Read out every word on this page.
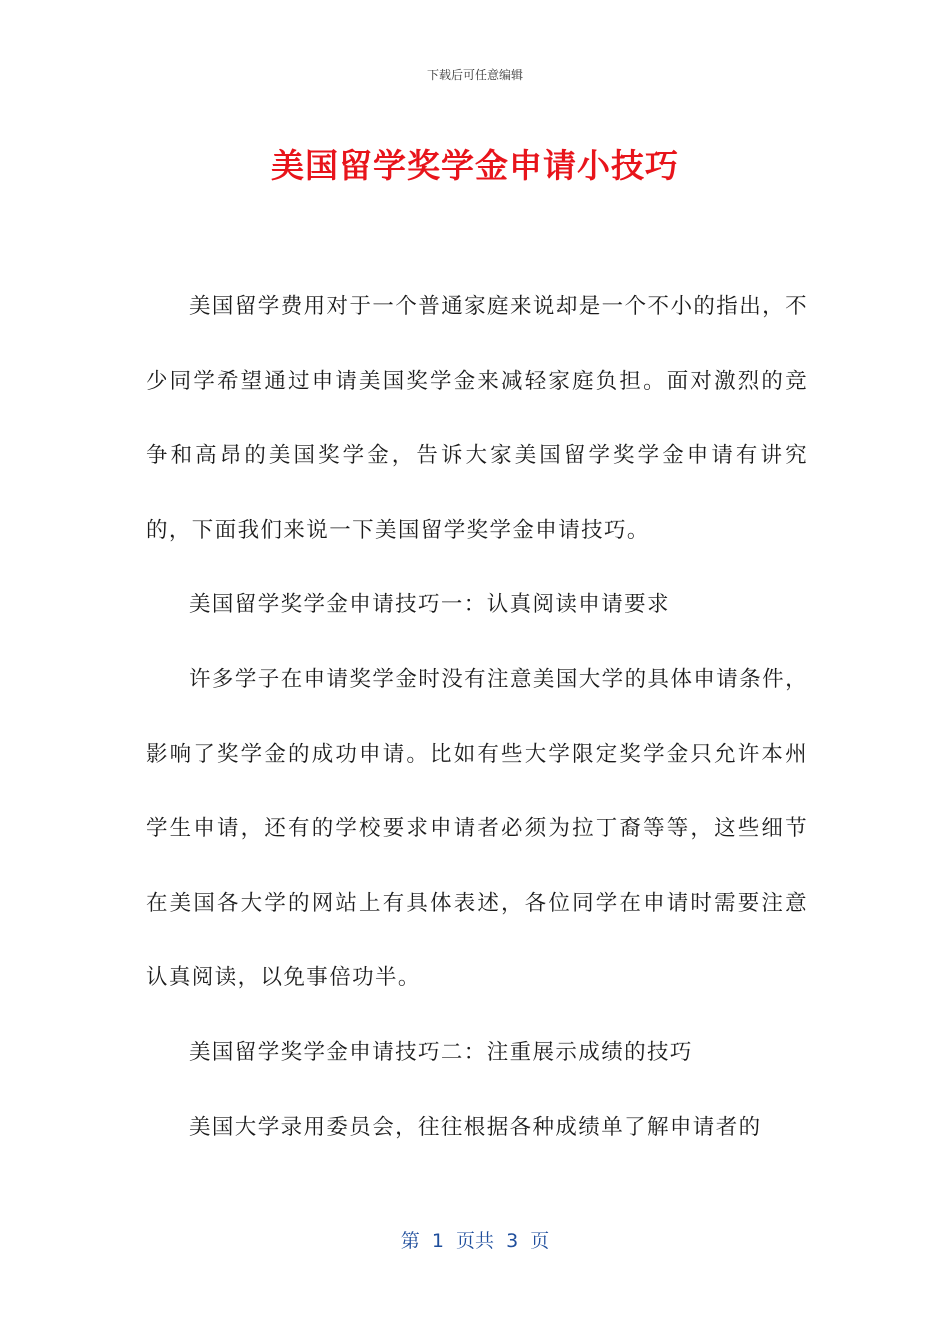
下载后可任意编辑
美国留学奖学金申请小技巧

美国留学费用对于一个普通家庭来说却是一个不小的指出，不少同学希望通过申请美国奖学金来减轻家庭负担。面对激烈的竞争和高昂的美国奖学金，告诉大家美国留学奖学金申请有讲究的，下面我们来说一下美国留学奖学金申请技巧。

美国留学奖学金申请技巧一：认真阅读申请要求

许多学子在申请奖学金时没有注意美国大学的具体申请条件，影响了奖学金的成功申请。比如有些大学限定奖学金只允许本州学生申请，还有的学校要求申请者必须为拉丁裔等等，这些细节在美国各大学的网站上有具体表述，各位同学在申请时需要注意认真阅读，以免事倍功半。

美国留学奖学金申请技巧二：注重展示成绩的技巧

美国大学录用委员会，往往根据各种成绩单了解申请者的

第  1  页共  3  页
